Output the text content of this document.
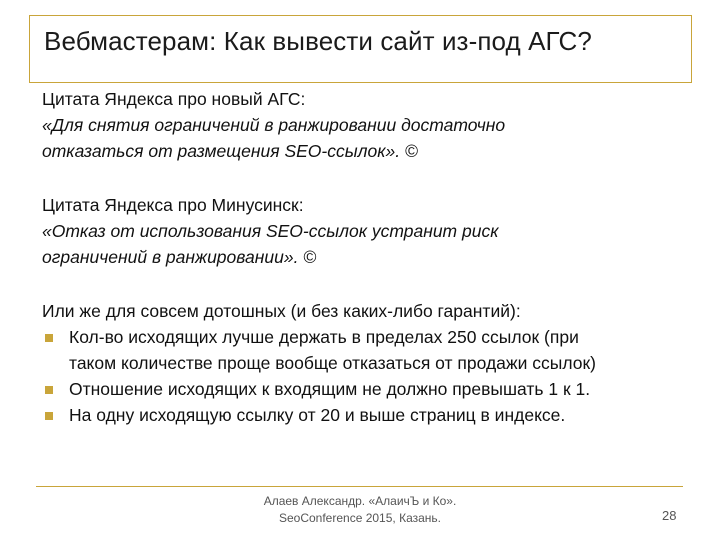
Вебмастерам: Как вывести сайт из-под АГС?

Цитата Яндекса про новый АГС:

«Для снятия ограничений в ранжировании достаточно

отказаться от размещения SEO-ссылок». ©

Цитата Яндекса про Минусинск:

«Отказ от использования SEO-ссылок устранит риск

ограничений в ранжировании». ©

Или же для совсем дотошных (и без каких-либо гарантий):

Кол-во исходящих лучше держать в пределах 250 ссылок (при
таком количестве проще вообще отказаться от продажи ссылок)
Отношение исходящих к входящим не должно превышать 1 к 1.
На одну исходящую ссылку от 20 и выше страниц в индексе.
Алаев Александр. «АлаичЪ и Ко».
SeoConference 2015, Казань.	28
